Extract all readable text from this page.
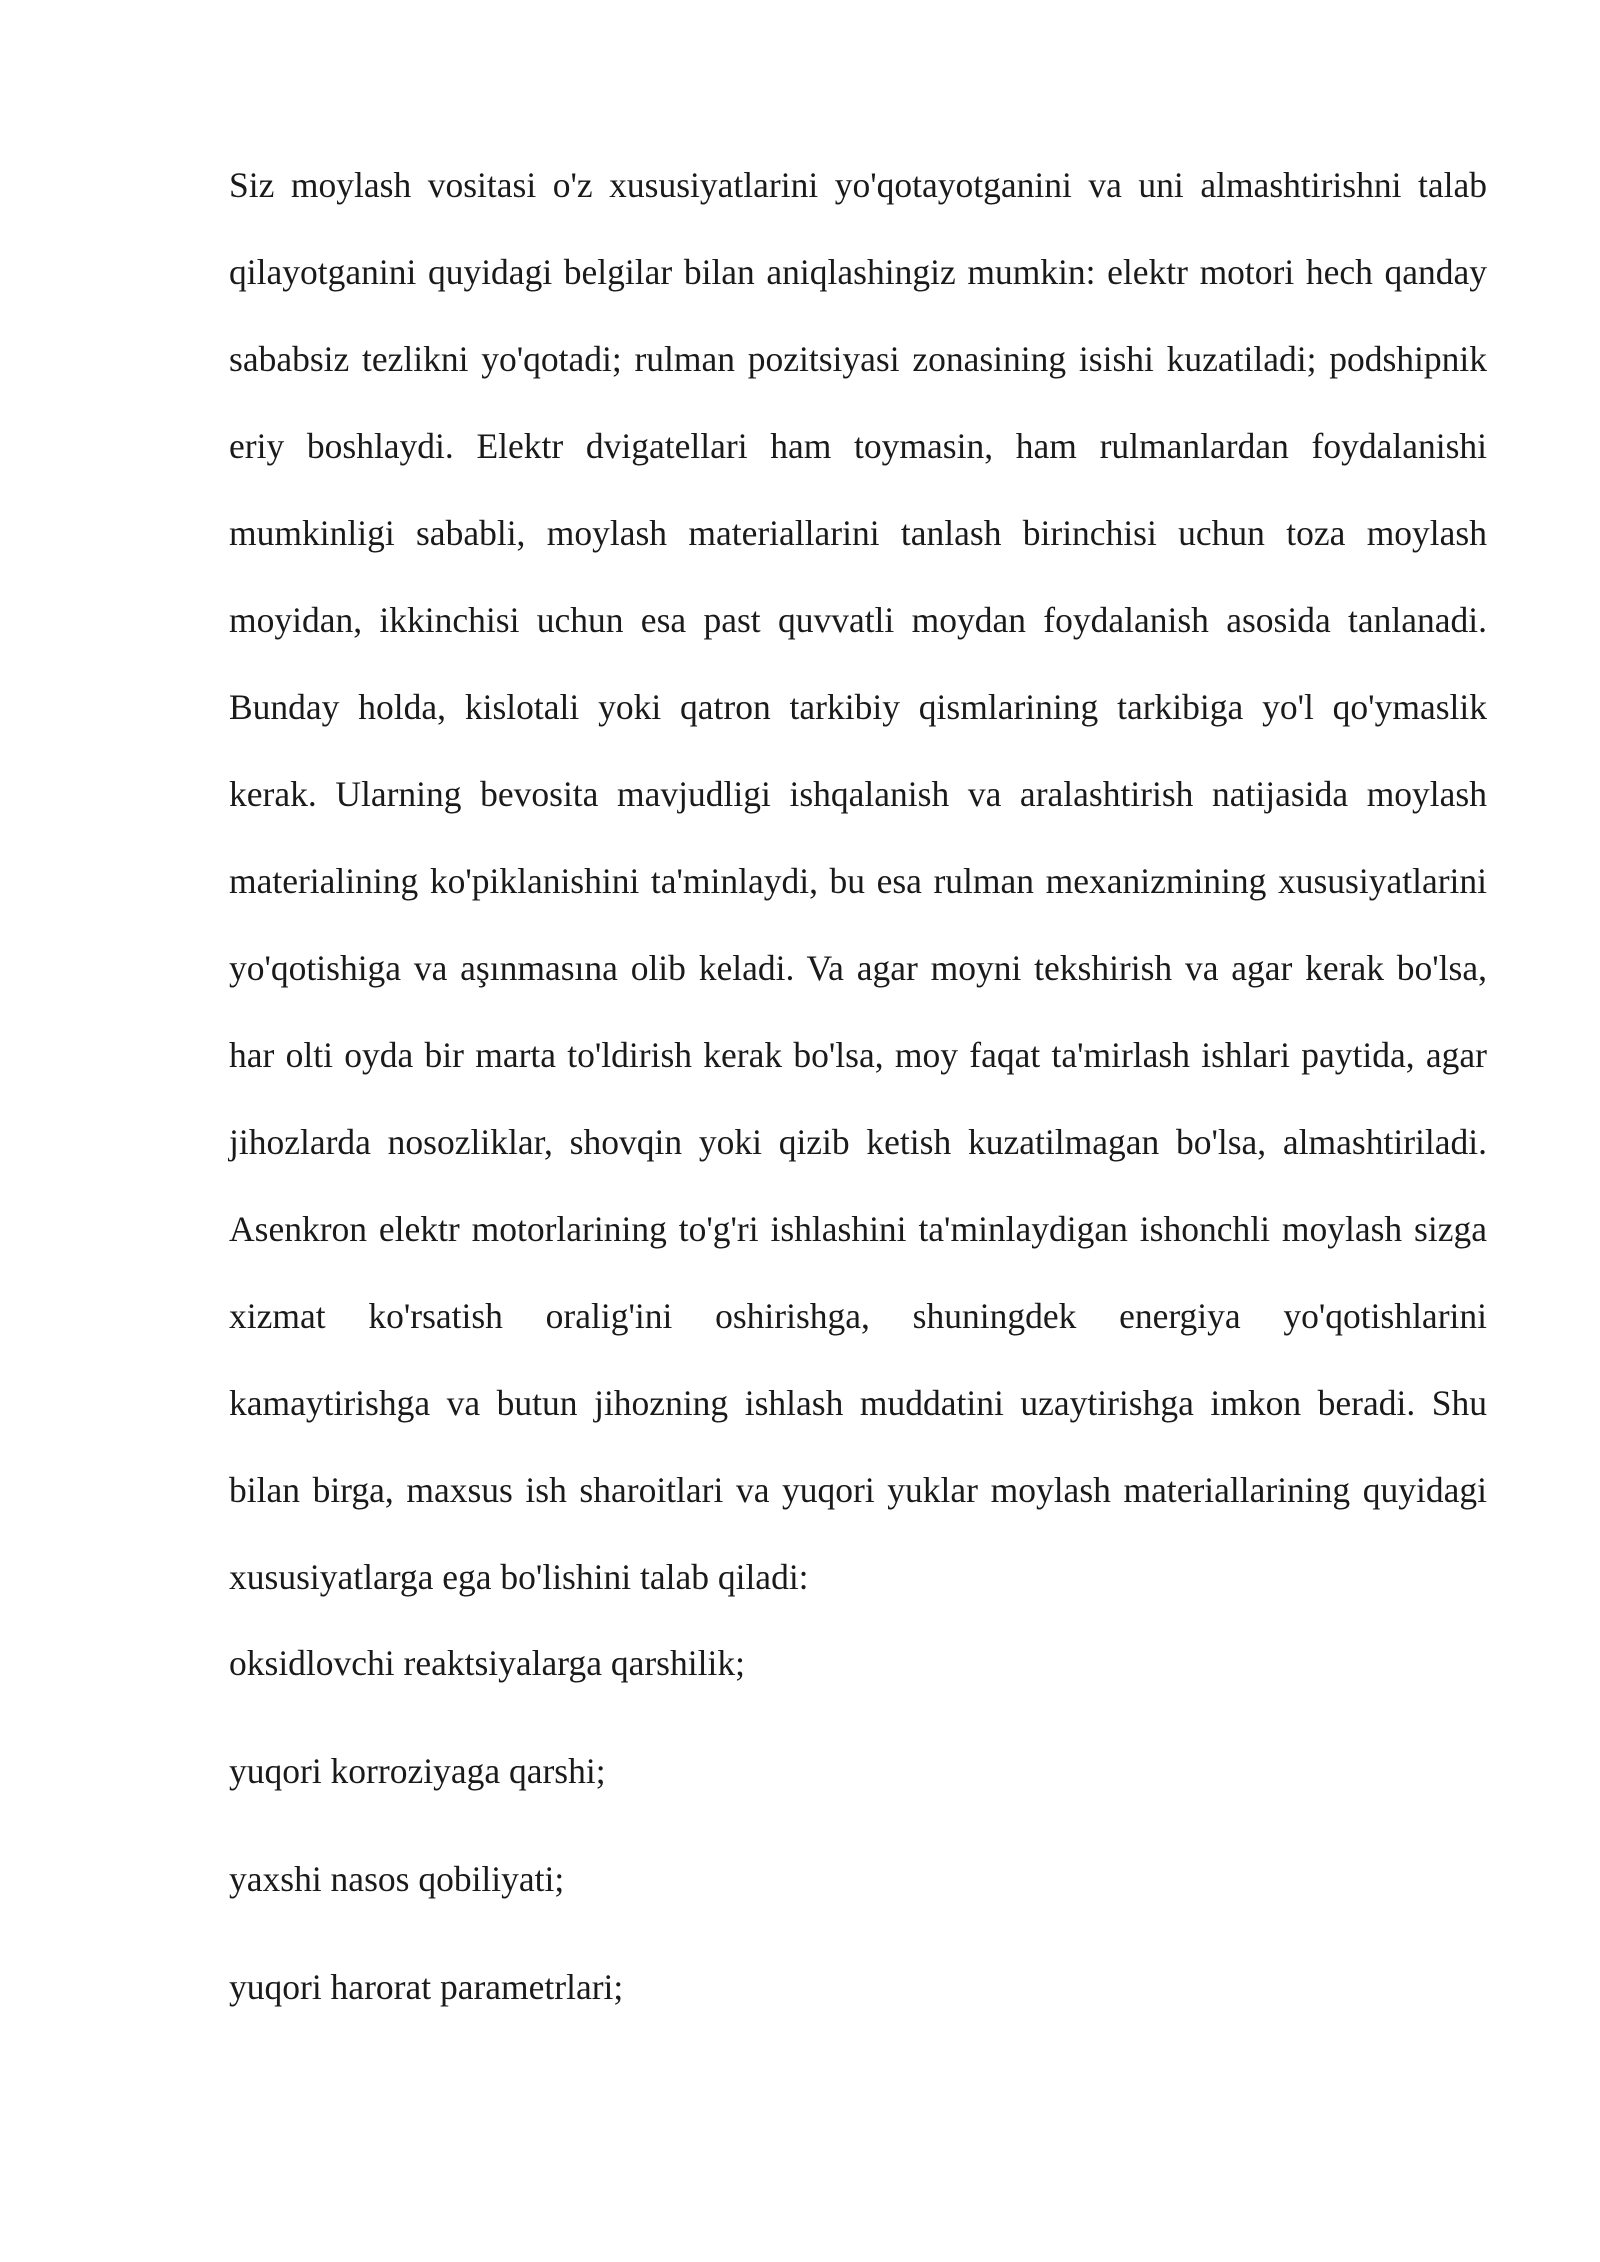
Siz moylash vositasi o'z xususiyatlarini yo'qotayotganini va uni almashtirishni talab qilayotganini quyidagi belgilar bilan aniqlashingiz mumkin: elektr motori hech qanday sababsiz tezlikni yo'qotadi; rulman pozitsiyasi zonasining isishi kuzatiladi; podshipnik eriy boshlaydi. Elektr dvigatellari ham toymasin, ham rulmanlardan foydalanishi mumkinligi sababli, moylash materiallarini tanlash birinchisi uchun toza moylash moyidan, ikkinchisi uchun esa past quvvatli moydan foydalanish asosida tanlanadi. Bunday holda, kislotali yoki qatron tarkibiy qismlarining tarkibiga yo'l qo'ymaslik kerak. Ularning bevosita mavjudligi ishqalanish va aralashtirish natijasida moylash materialining ko'piklanishini ta'minlaydi, bu esa rulman mexanizmining xususiyatlarini yo'qotishiga va aşınmasına olib keladi. Va agar moyni tekshirish va agar kerak bo'lsa, har olti oyda bir marta to'ldirish kerak bo'lsa, moy faqat ta'mirlash ishlari paytida, agar jihozlarda nosozliklar, shovqin yoki qizib ketish kuzatilmagan bo'lsa, almashtiriladi. Asenkron elektr motorlarining to'g'ri ishlashini ta'minlaydigan ishonchli moylash sizga xizmat ko'rsatish oralig'ini oshirishga, shuningdek energiya yo'qotishlarini kamaytirishga va butun jihozning ishlash muddatini uzaytirishga imkon beradi. Shu bilan birga, maxsus ish sharoitlari va yuqori yuklar moylash materiallarining quyidagi xususiyatlarga ega bo'lishini talab qiladi:

oksidlovchi reaktsiyalarga qarshilik;
yuqori korroziyaga qarshi;
yaxshi nasos qobiliyati;
yuqori harorat parametrlari;
